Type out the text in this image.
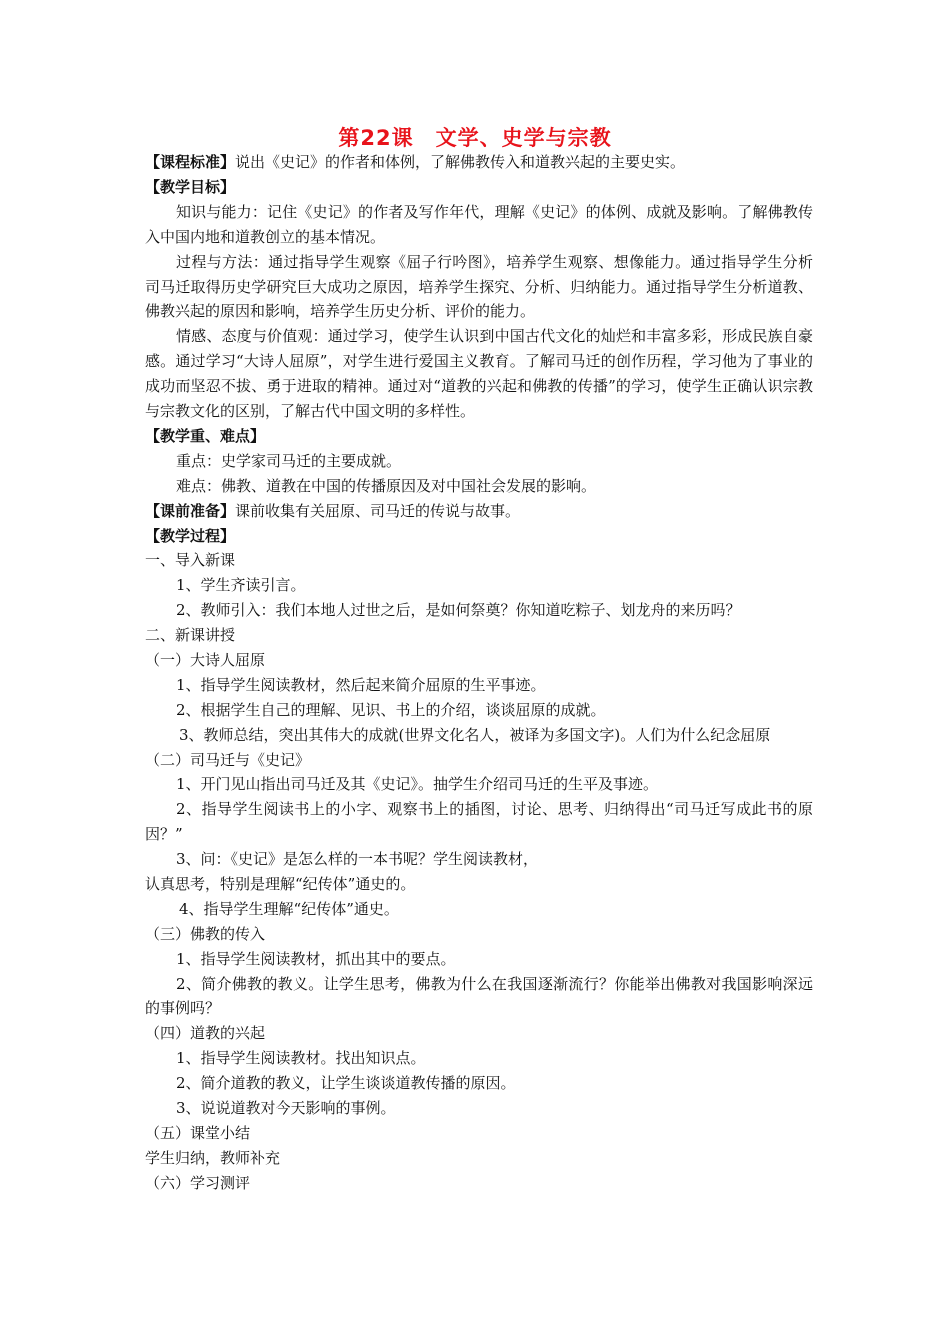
第22课 文学、史学与宗教
【课程标准】说出《史记》的作者和体例，了解佛教传入和道教兴起的主要史实。
【教学目标】
知识与能力：记住《史记》的作者及写作年代，理解《史记》的体例、成就及影响。了解佛教传入中国内地和道教创立的基本情况。
过程与方法：通过指导学生观察《屈子行吟图》，培养学生观察、想像能力。通过指导学生分析司马迁取得历史学研究巨大成功之原因，培养学生探究、分析、归纳能力。通过指导学生分析道教、佛教兴起的原因和影响，培养学生历史分析、评价的能力。
情感、态度与价值观：通过学习，使学生认识到中国古代文化的灿烂和丰富多彩，形成民族自豪感。通过学习“大诗人屈原”，对学生进行爱国主义教育。了解司马迁的创作历程，学习他为了事业的成功而坚忍不拔、勇于进取的精神。通过对“道教的兴起和佛教的传播”的学习，使学生正确认识宗教与宗教文化的区别，了解古代中国文明的多样性。
【教学重、难点】
重点：史学家司马迁的主要成就。
难点：佛教、道教在中国的传播原因及对中国社会发展的影响。
【课前准备】课前收集有关屈原、司马迁的传说与故事。
【教学过程】
一、导入新课
1、学生齐读引言。
2、教师引入：我们本地人过世之后，是如何祭奠？你知道吃粽子、划龙舟的来历吗？
二、新课讲授
（一）大诗人屈原
1、指导学生阅读教材，然后起来简介屈原的生平事迹。
2、根据学生自己的理解、见识、书上的介绍，谈谈屈原的成就。
3、教师总结，突出其伟大的成就(世界文化名人，被译为多国文字)。人们为什么纪念屈原
（二）司马迁与《史记》
1、开门见山指出司马迁及其《史记》。抽学生介绍司马迁的生平及事迹。
2、指导学生阅读书上的小字、观察书上的插图，讨论、思考、归纳得出“司马迁写成此书的原因？”
3、问：《史记》是怎么样的一本书呢？学生阅读教材，
认真思考，特别是理解“纪传体”通史的。
4、指导学生理解“纪传体”通史。
（三）佛教的传入
1、指导学生阅读教材，抓出其中的要点。
2、简介佛教的教义。让学生思考，佛教为什么在我国逐渐流行？你能举出佛教对我国影响深远的事例吗？
（四）道教的兴起
1、指导学生阅读教材。找出知识点。
2、简介道教的教义，让学生谈谈道教传播的原因。
3、说说道教对今天影响的事例。
（五）课堂小结
学生归纳，教师补充
（六）学习测评
